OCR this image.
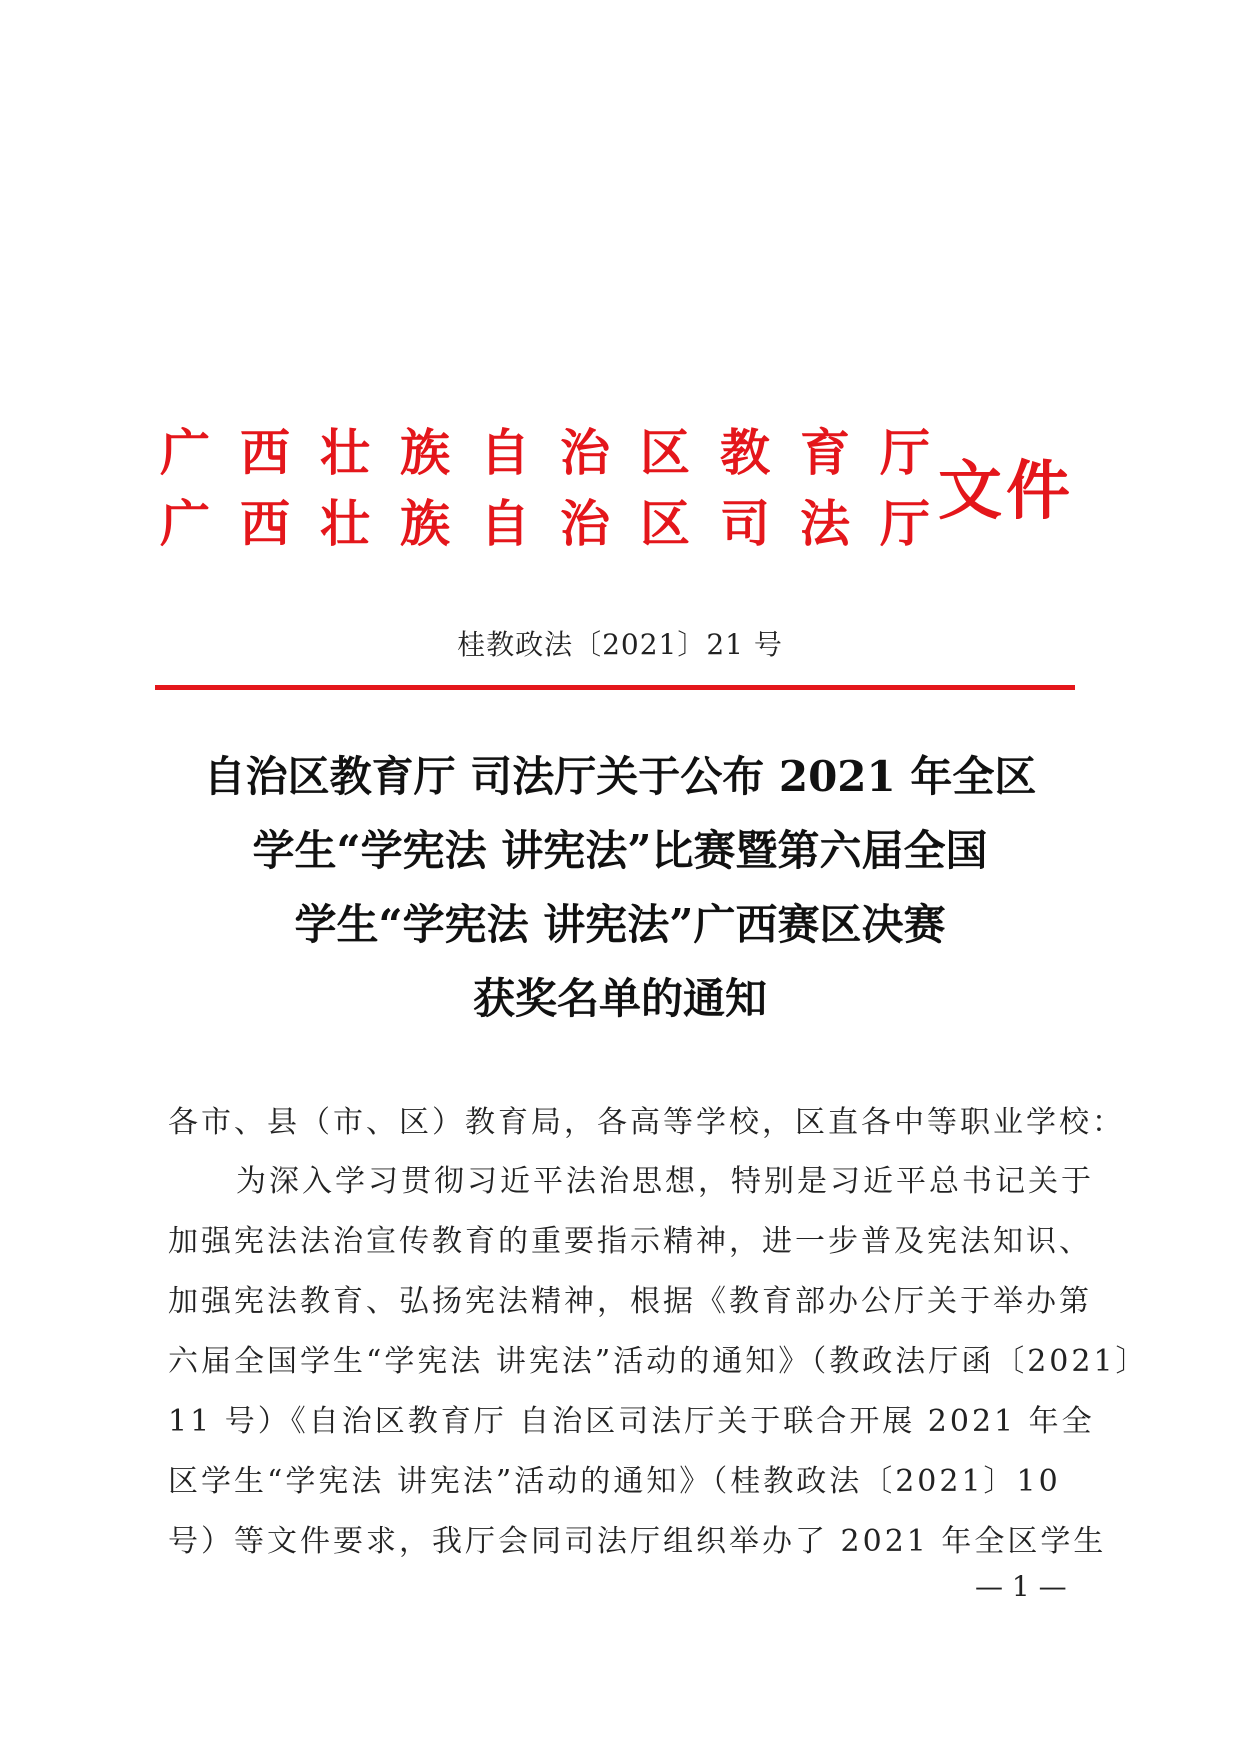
广西壮族自治区教育厅
广西壮族自治区司法厅
文件
桂教政法〔2021〕21 号
自治区教育厅 司法厅关于公布 2021 年全区
学生“学宪法 讲宪法”比赛暨第六届全国
学生“学宪法 讲宪法”广西赛区决赛
获奖名单的通知
各市、县（市、区）教育局，各高等学校，区直各中等职业学校：
为深入学习贯彻习近平法治思想，特别是习近平总书记关于
加强宪法法治宣传教育的重要指示精神，进一步普及宪法知识、
加强宪法教育、弘扬宪法精神，根据《教育部办公厅关于举办第
六届全国学生“学宪法 讲宪法”活动的通知》（教政法厅函〔2021〕
11 号）《自治区教育厅 自治区司法厅关于联合开展 2021 年全
区学生“学宪法 讲宪法”活动的通知》（桂教政法〔2021〕10
号）等文件要求，我厅会同司法厅组织举办了 2021 年全区学生
— 1 —
